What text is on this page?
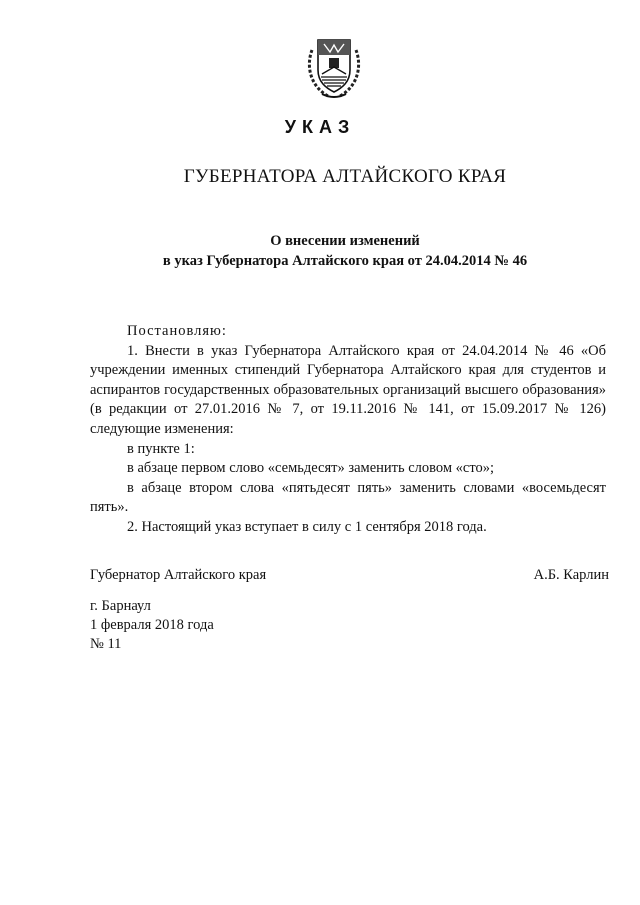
УКАЗ
ГУБЕРНАТОРА АЛТАЙСКОГО КРАЯ
О внесении изменений
в указ Губернатора Алтайского края от 24.04.2014 № 46

Постановляю:

1. Внести в указ Губернатора Алтайского края от 24.04.2014 № 46 «Об учреждении именных стипендий Губернатора Алтайского края для студентов и аспирантов государственных образовательных организаций высшего образования» (в редакции от 27.01.2016 № 7, от 19.11.2016 № 141, от 15.09.2017 № 126) следующие изменения:

в пункте 1:

в абзаце первом слово «семьдесят» заменить словом «сто»;

в абзаце втором слова «пятьдесят пять» заменить словами «восемьдесят пять».

2. Настоящий указ вступает в силу с 1 сентября 2018 года.

Губернатор Алтайского края	А.Б. Карлин
г. Барнаул
1 февраля 2018 года
№ 11
